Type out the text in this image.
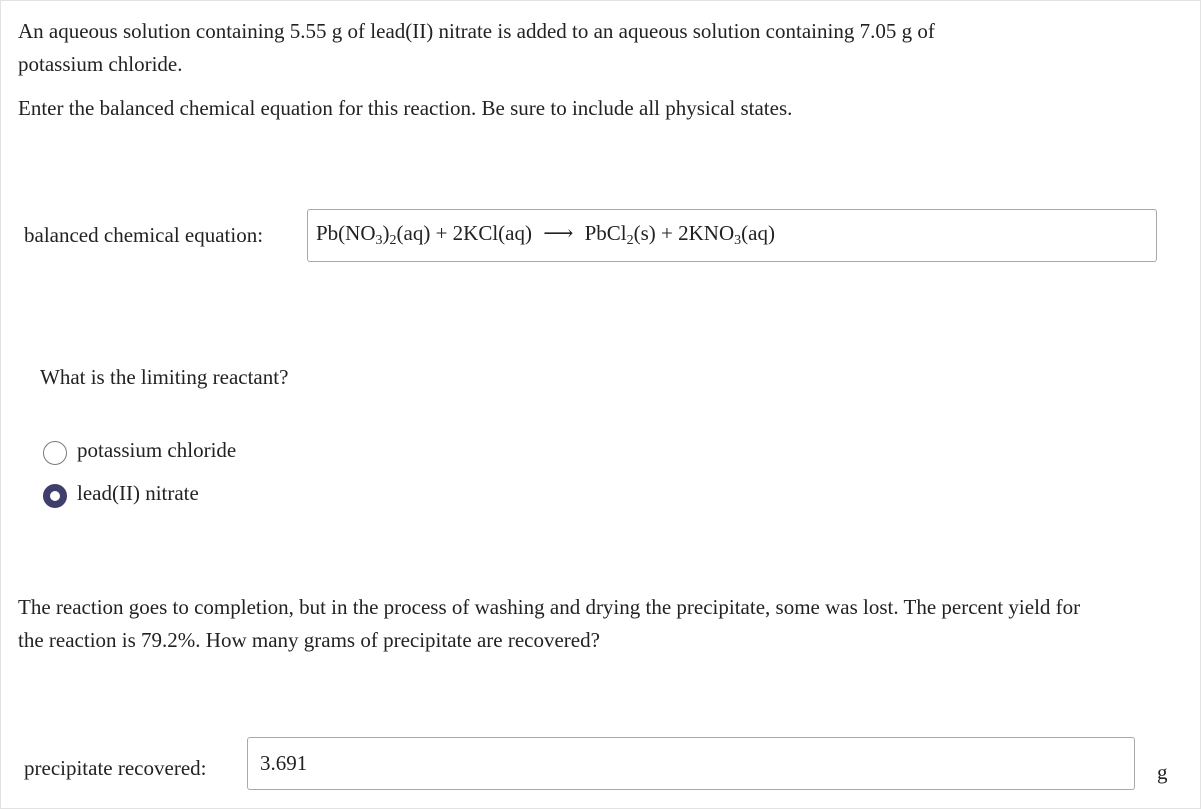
An aqueous solution containing 5.55 g of lead(II) nitrate is added to an aqueous solution containing 7.05 g of
potassium chloride.
Enter the balanced chemical equation for this reaction. Be sure to include all physical states.
balanced chemical equation:	$Pb(NO_3)_2(aq) + 2KCl(aq)$ ⟶ PbCl$_2$(s) + $2KNO_3(aq)$
What is the limiting reactant?
potassium chloride
lead(II) nitrate
The reaction goes to completion, but in the process of washing and drying the precipitate, some was lost. The percent yield for
the reaction is 79.2%. How many grams of precipitate are recovered?
precipitate recovered:	3.691	g
